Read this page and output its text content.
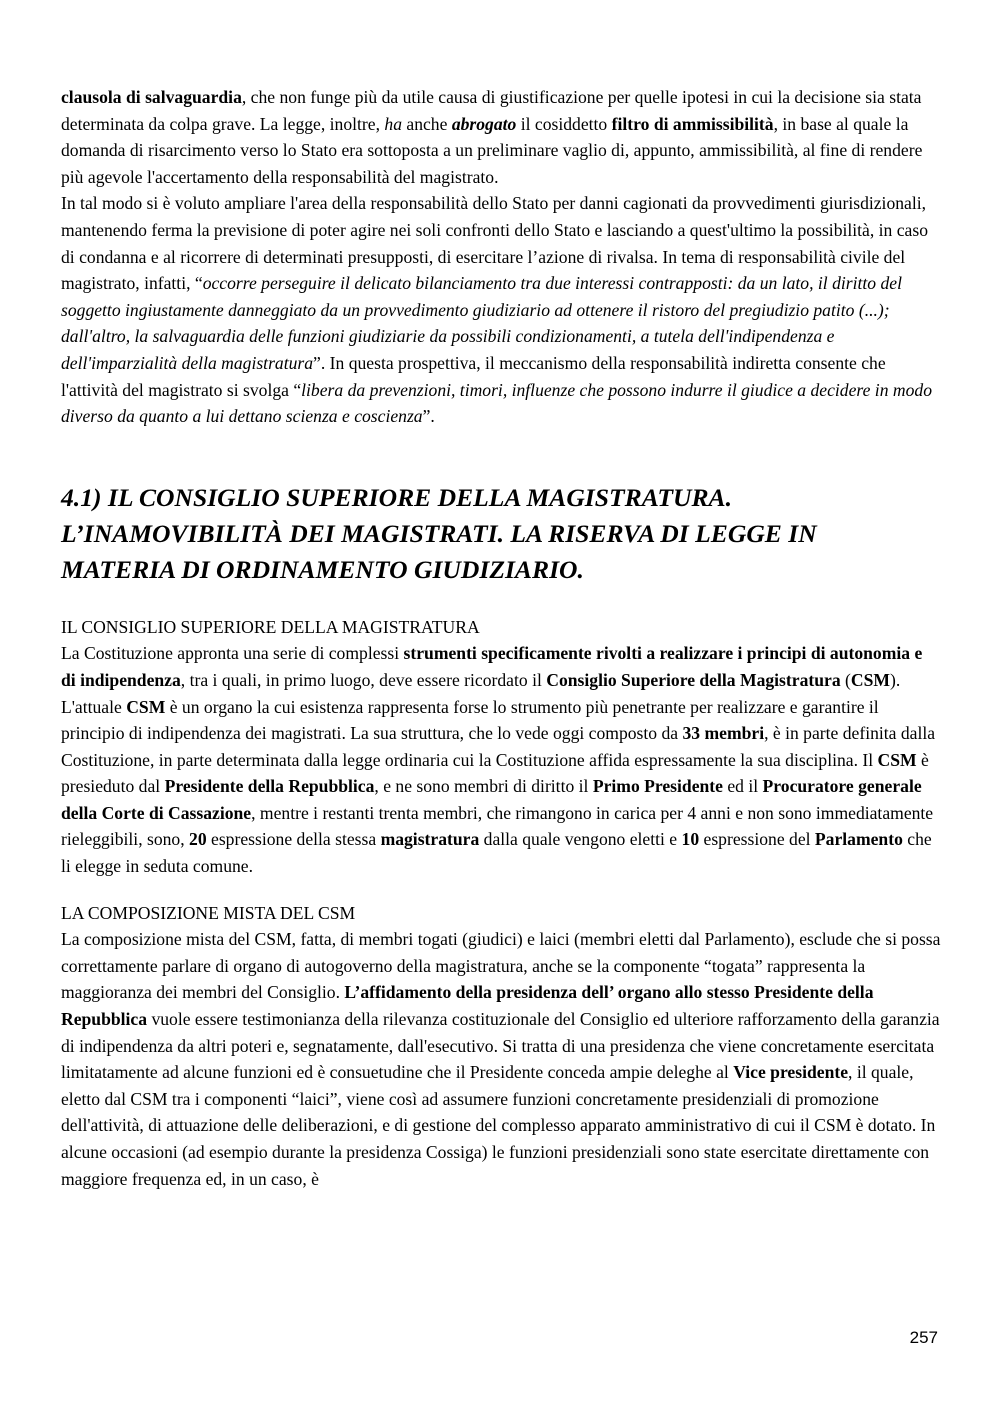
clausola di salvaguardia, che non funge più da utile causa di giustificazione per quelle ipotesi in cui la decisione sia stata determinata da colpa grave. La legge, inoltre, ha anche abrogato il cosiddetto filtro di ammissibilità, in base al quale la domanda di risarcimento verso lo Stato era sottoposta a un preliminare vaglio di, appunto, ammissibilità, al fine di rendere più agevole l'accertamento della responsabilità del magistrato.

In tal modo si è voluto ampliare l'area della responsabilità dello Stato per danni cagionati da provvedimenti giurisdizionali, mantenendo ferma la previsione di poter agire nei soli confronti dello Stato e lasciando a quest'ultimo la possibilità, in caso di condanna e al ricorrere di determinati presupposti, di esercitare l’azione di rivalsa. In tema di responsabilità civile del magistrato, infatti, “occorre perseguire il delicato bilanciamento tra due interessi contrapposti: da un lato, il diritto del soggetto ingiustamente danneggiato da un provvedimento giudiziario ad ottenere il ristoro del pregiudizio patito (...); dall'altro, la salvaguardia delle funzioni giudiziarie da possibili condizionamenti, a tutela dell'indipendenza e dell'imparzialità della magistratura”. In questa prospettiva, il meccanismo della responsabilità indiretta consente che l'attività del magistrato si svolga “libera da prevenzioni, timori, influenze che possono indurre il giudice a decidere in modo diverso da quanto a lui dettano scienza e coscienza”.

4.1) IL CONSIGLIO SUPERIORE DELLA MAGISTRATURA.
L’INAMOVIBILITÀ DEI MAGISTRATI. LA RISERVA DI LEGGE IN
MATERIA DI ORDINAMENTO GIUDIZIARIO.

IL CONSIGLIO SUPERIORE DELLA MAGISTRATURA

La Costituzione appronta una serie di complessi strumenti specificamente rivolti a realizzare i principi di autonomia e di indipendenza, tra i quali, in primo luogo, deve essere ricordato il Consiglio Superiore della Magistratura (CSM). L'attuale CSM è un organo la cui esistenza rappresenta forse lo strumento più penetrante per realizzare e garantire il principio di indipendenza dei magistrati. La sua struttura, che lo vede oggi composto da 33 membri, è in parte definita dalla Costituzione, in parte determinata dalla legge ordinaria cui la Costituzione affida espressamente la sua disciplina. Il CSM è presieduto dal Presidente della Repubblica, e ne sono membri di diritto il Primo Presidente ed il Procuratore generale della Corte di Cassazione, mentre i restanti trenta membri, che rimangono in carica per 4 anni e non sono immediatamente rieleggibili, sono, 20 espressione della stessa magistratura dalla quale vengono eletti e 10 espressione del Parlamento che li elegge in seduta comune.

LA COMPOSIZIONE MISTA DEL CSM

La composizione mista del CSM, fatta, di membri togati (giudici) e laici (membri eletti dal Parlamento), esclude che si possa correttamente parlare di organo di autogoverno della magistratura, anche se la componente “togata” rappresenta la maggioranza dei membri del Consiglio. L’affidamento della presidenza dell’ organo allo stesso Presidente della Repubblica vuole essere testimonianza della rilevanza costituzionale del Consiglio ed ulteriore rafforzamento della garanzia di indipendenza da altri poteri e, segnatamente, dall'esecutivo. Si tratta di una presidenza che viene concretamente esercitata limitatamente ad alcune funzioni ed è consuetudine che il Presidente conceda ampie deleghe al Vice presidente, il quale, eletto dal CSM tra i componenti “laici”, viene così ad assumere funzioni concretamente presidenziali di promozione dell'attività, di attuazione delle deliberazioni, e di gestione del complesso apparato amministrativo di cui il CSM è dotato. In alcune occasioni (ad esempio durante la presidenza Cossiga) le funzioni presidenziali sono state esercitate direttamente con maggiore frequenza ed, in un caso, è

257
